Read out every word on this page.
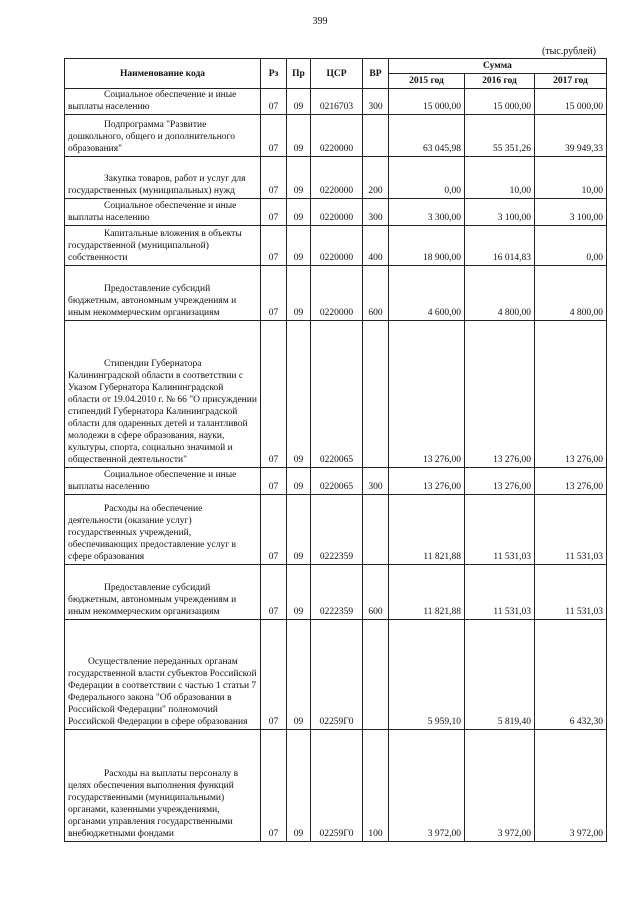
399
(тыс.рублей)
Наименование кода	Рз	Пр	ЦСР	ВР	Сумма		
					2015 год	2016 год	2017 год

Социальное обеспечение и иные выплаты населению	07	09	0216703	300	15 000,00	15 000,00	15 000,00

Подпрограмма "Развитие дошкольного, общего и дополнительного образования"	07	09	0220000		63 045,98	55 351,26	39 949,33

Закупка товаров, работ и услуг для государственных (муниципальных) нужд	07	09	0220000	200	0,00	10,00	10,00

Социальное обеспечение и иные выплаты населению	07	09	0220000	300	3 300,00	3 100,00	3 100,00

Капитальные вложения в объекты государственной (муниципальной) собственности	07	09	0220000	400	18 900,00	16 014,83	0,00

Предоставление субсидий бюджетным, автономным учреждениям и иным некоммерческим организациям	07	09	0220000	600	4 600,00	4 800,00	4 800,00

Стипендии Губернатора Калининградской области в соответствии с Указом Губернатора Калининградской области от 19.04.2010 г. № 66 "О присуждении стипендий Губернатора Калининградской области для одаренных детей и талантливой молодежи в сфере образования, науки, культуры, спорта, социально значимой и общественной деятельности"	07	09	0220065		13 276,00	13 276,00	13 276,00

Социальное обеспечение и иные выплаты населению	07	09	0220065	300	13 276,00	13 276,00	13 276,00

Расходы на обеспечение деятельности (оказание услуг) государственных учреждений, обеспечивающих предоставление услуг в сфере образования	07	09	0222359		11 821,88	11 531,03	11 531,03

Предоставление субсидий бюджетным, автономным учреждениям и иным некоммерческим организациям	07	09	0222359	600	11 821,88	11 531,03	11 531,03

Осуществление переданных органам государственной власти субъектов Российской Федерации в соответствии с частью 1 статьи 7 Федерального закона "Об образовании в Российской Федерации" полномочий Российской Федерации в сфере образования	07	09	02259Г0		5 959,10	5 819,40	6 432,30

Расходы на выплаты персоналу в целях обеспечения выполнения функций государственными (муниципальными) органами, казенными учреждениями, органами управления государственными внебюджетными фондами	07	09	02259Г0	100	3 972,00	3 972,00	3 972,00
